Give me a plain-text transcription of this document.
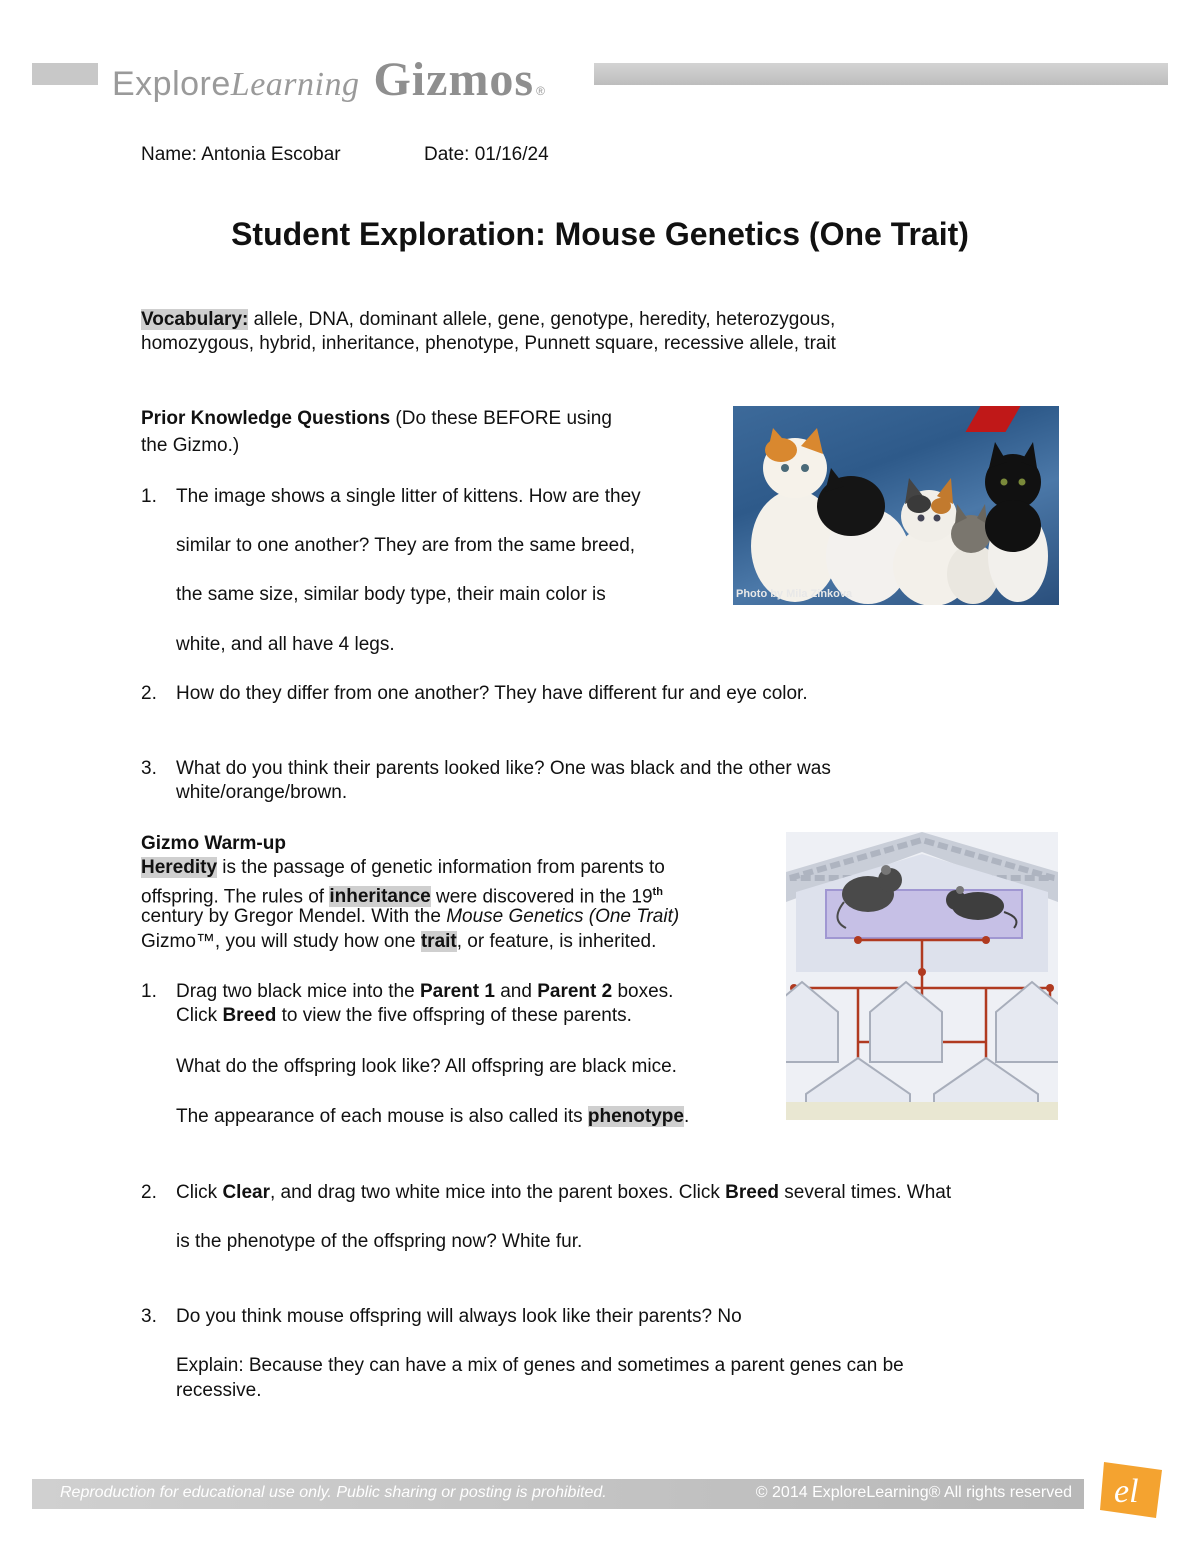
Explore Learning Gizmos ®
Name: Antonia Escobar	Date: 01/16/24
Student Exploration: Mouse Genetics (One Trait)
Vocabulary: allele, DNA, dominant allele, gene, genotype, heredity, heterozygous,
homozygous, hybrid, inheritance, phenotype, Punnett square, recessive allele, trait
Prior Knowledge Questions (Do these BEFORE using
the Gizmo.)
1. The image shows a single litter of kittens. How are they
similar to one another? They are from the same breed,
the same size, similar body type, their main color is
white, and all have 4 legs.
2. How do they differ from one another? They have different fur and eye color.
3. What do you think their parents looked like? One was black and the other was
white/orange/brown.
Photo by Mila Zinkova
Gizmo Warm-up
Heredity is the passage of genetic information from parents to
offspring. The rules of inheritance were discovered in the 19th
century by Gregor Mendel. With the Mouse Genetics (One Trait)
Gizmo™, you will study how one trait, or feature, is inherited.
1. Drag two black mice into the Parent 1 and Parent 2 boxes.
Click Breed to view the five offspring of these parents.
What do the offspring look like? All offspring are black mice.
The appearance of each mouse is also called its phenotype.
2. Click Clear, and drag two white mice into the parent boxes. Click Breed several times. What
is the phenotype of the offspring now? White fur.
3. Do you think mouse offspring will always look like their parents? No
Explain: Because they can have a mix of genes and sometimes a parent genes can be
recessive.
Reproduction for educational use only. Public sharing or posting is prohibited.	© 2014 ExploreLearning® All rights reserved el
